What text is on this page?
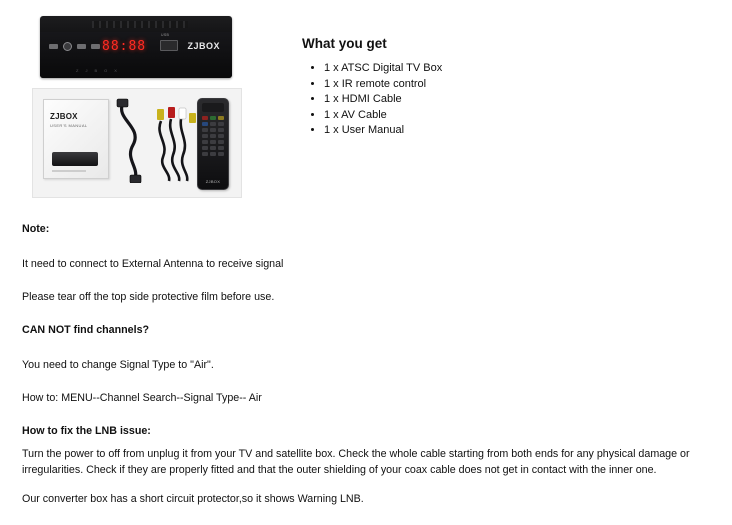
88:88
USB
ZJBOX
ZJBOX
ZJBOX
USER'S MANUAL
ZJBOX
What you get
• 1 x ATSC Digital TV Box
• 1 x IR remote control
• 1 x HDMI Cable
• 1 x AV Cable
• 1 x User Manual

Note:

It need to connect to External Antenna to receive signal

Please tear off the top side protective film before use.

CAN NOT find channels?

You need to change Signal Type to "Air".

How to: MENU--Channel Search--Signal Type-- Air

How to fix the LNB issue:

Turn the power to off from unplug it from your TV and satellite box. Check the whole cable starting from both ends for any physical damage or irregularities. Check if they are properly fitted and that the outer shielding of your coax cable does not get in contact with the inner one.

Our converter box has a short circuit protector,so it shows Warning LNB.
